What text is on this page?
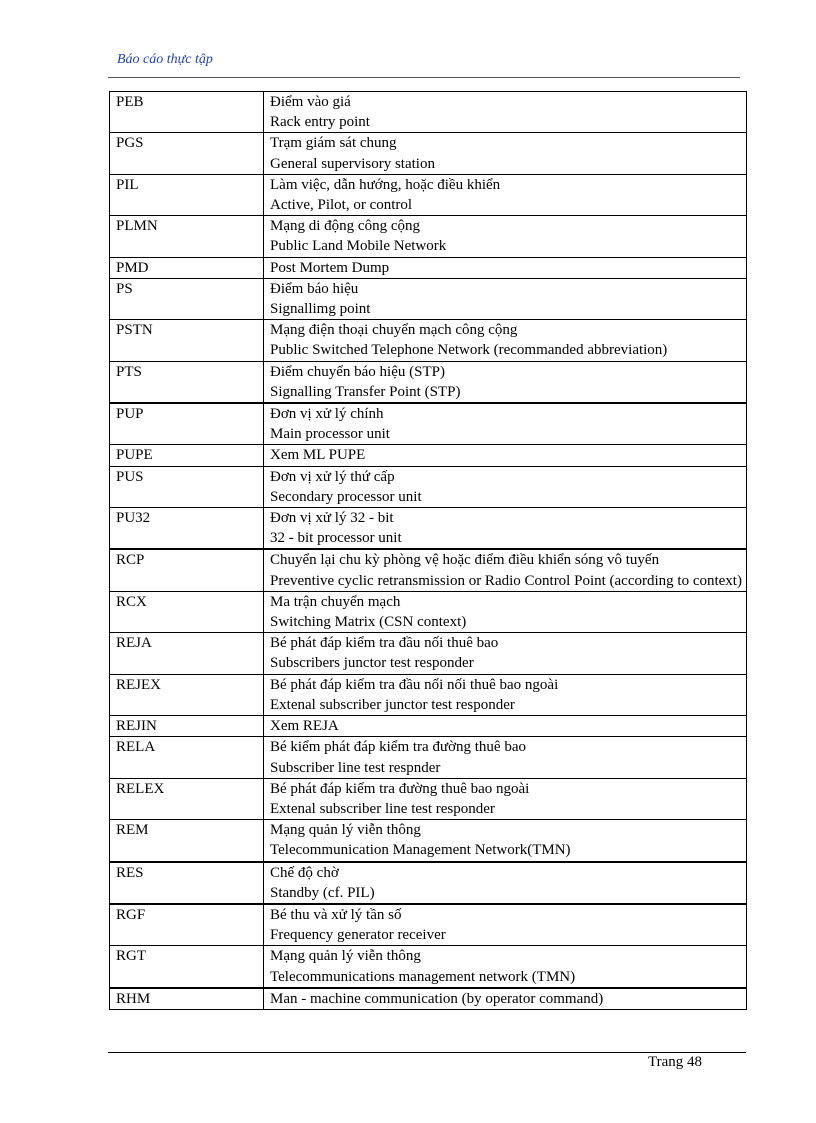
Báo cáo thực tập
PEB	Điểm vào giá
Rack entry point

PGS	Trạm giám sát chung
General supervisory station

PIL	Làm việc, dẫn hướng, hoặc điều khiển
Active, Pilot, or control

PLMN	Mạng di động công cộng
Public Land Mobile Network

PMD	Post Mortem Dump

PS	Điểm báo hiệu
Signallimg point

PSTN	Mạng điện thoại chuyển mạch công cộng
Public Switched Telephone Network (recommanded abbreviation)

PTS	Điểm chuyển báo hiệu (STP)
Signalling Transfer Point (STP)

PUP	Đơn vị xử lý chính
Main processor unit

PUPE	Xem ML PUPE

PUS	Đơn vị xử lý thứ cấp
Secondary processor unit

PU32	Đơn vị xử lý 32 - bit
32 - bit processor unit

RCP	Chuyển lại chu kỳ phòng vệ hoặc điểm điều khiển sóng vô tuyến
Preventive cyclic retransmission or Radio Control Point (according to context)

RCX	Ma trận chuyển mạch
Switching Matrix (CSN context)

REJA	Bé phát đáp kiểm tra đầu nối thuê bao
Subscribers junctor test responder

REJEX	Bé phát đáp kiểm tra đầu nối nối thuê bao ngoài
Extenal subscriber junctor test responder

REJIN	Xem REJA

RELA	Bé kiểm phát đáp kiểm tra đường thuê bao
Subscriber line test respnder

RELEX	Bé phát đáp kiểm tra đường thuê bao ngoài
Extenal subscriber line test responder

REM	Mạng quản lý viễn thông
Telecommunication Management Network(TMN)

RES	Chế độ chờ
Standby (cf. PIL)

RGF	Bé thu và xử lý tần số
Frequency generator receiver

RGT	Mạng quản lý viễn thông
Telecommunications management network (TMN)

RHM	Man - machine communication (by operator command)
Trang 48
